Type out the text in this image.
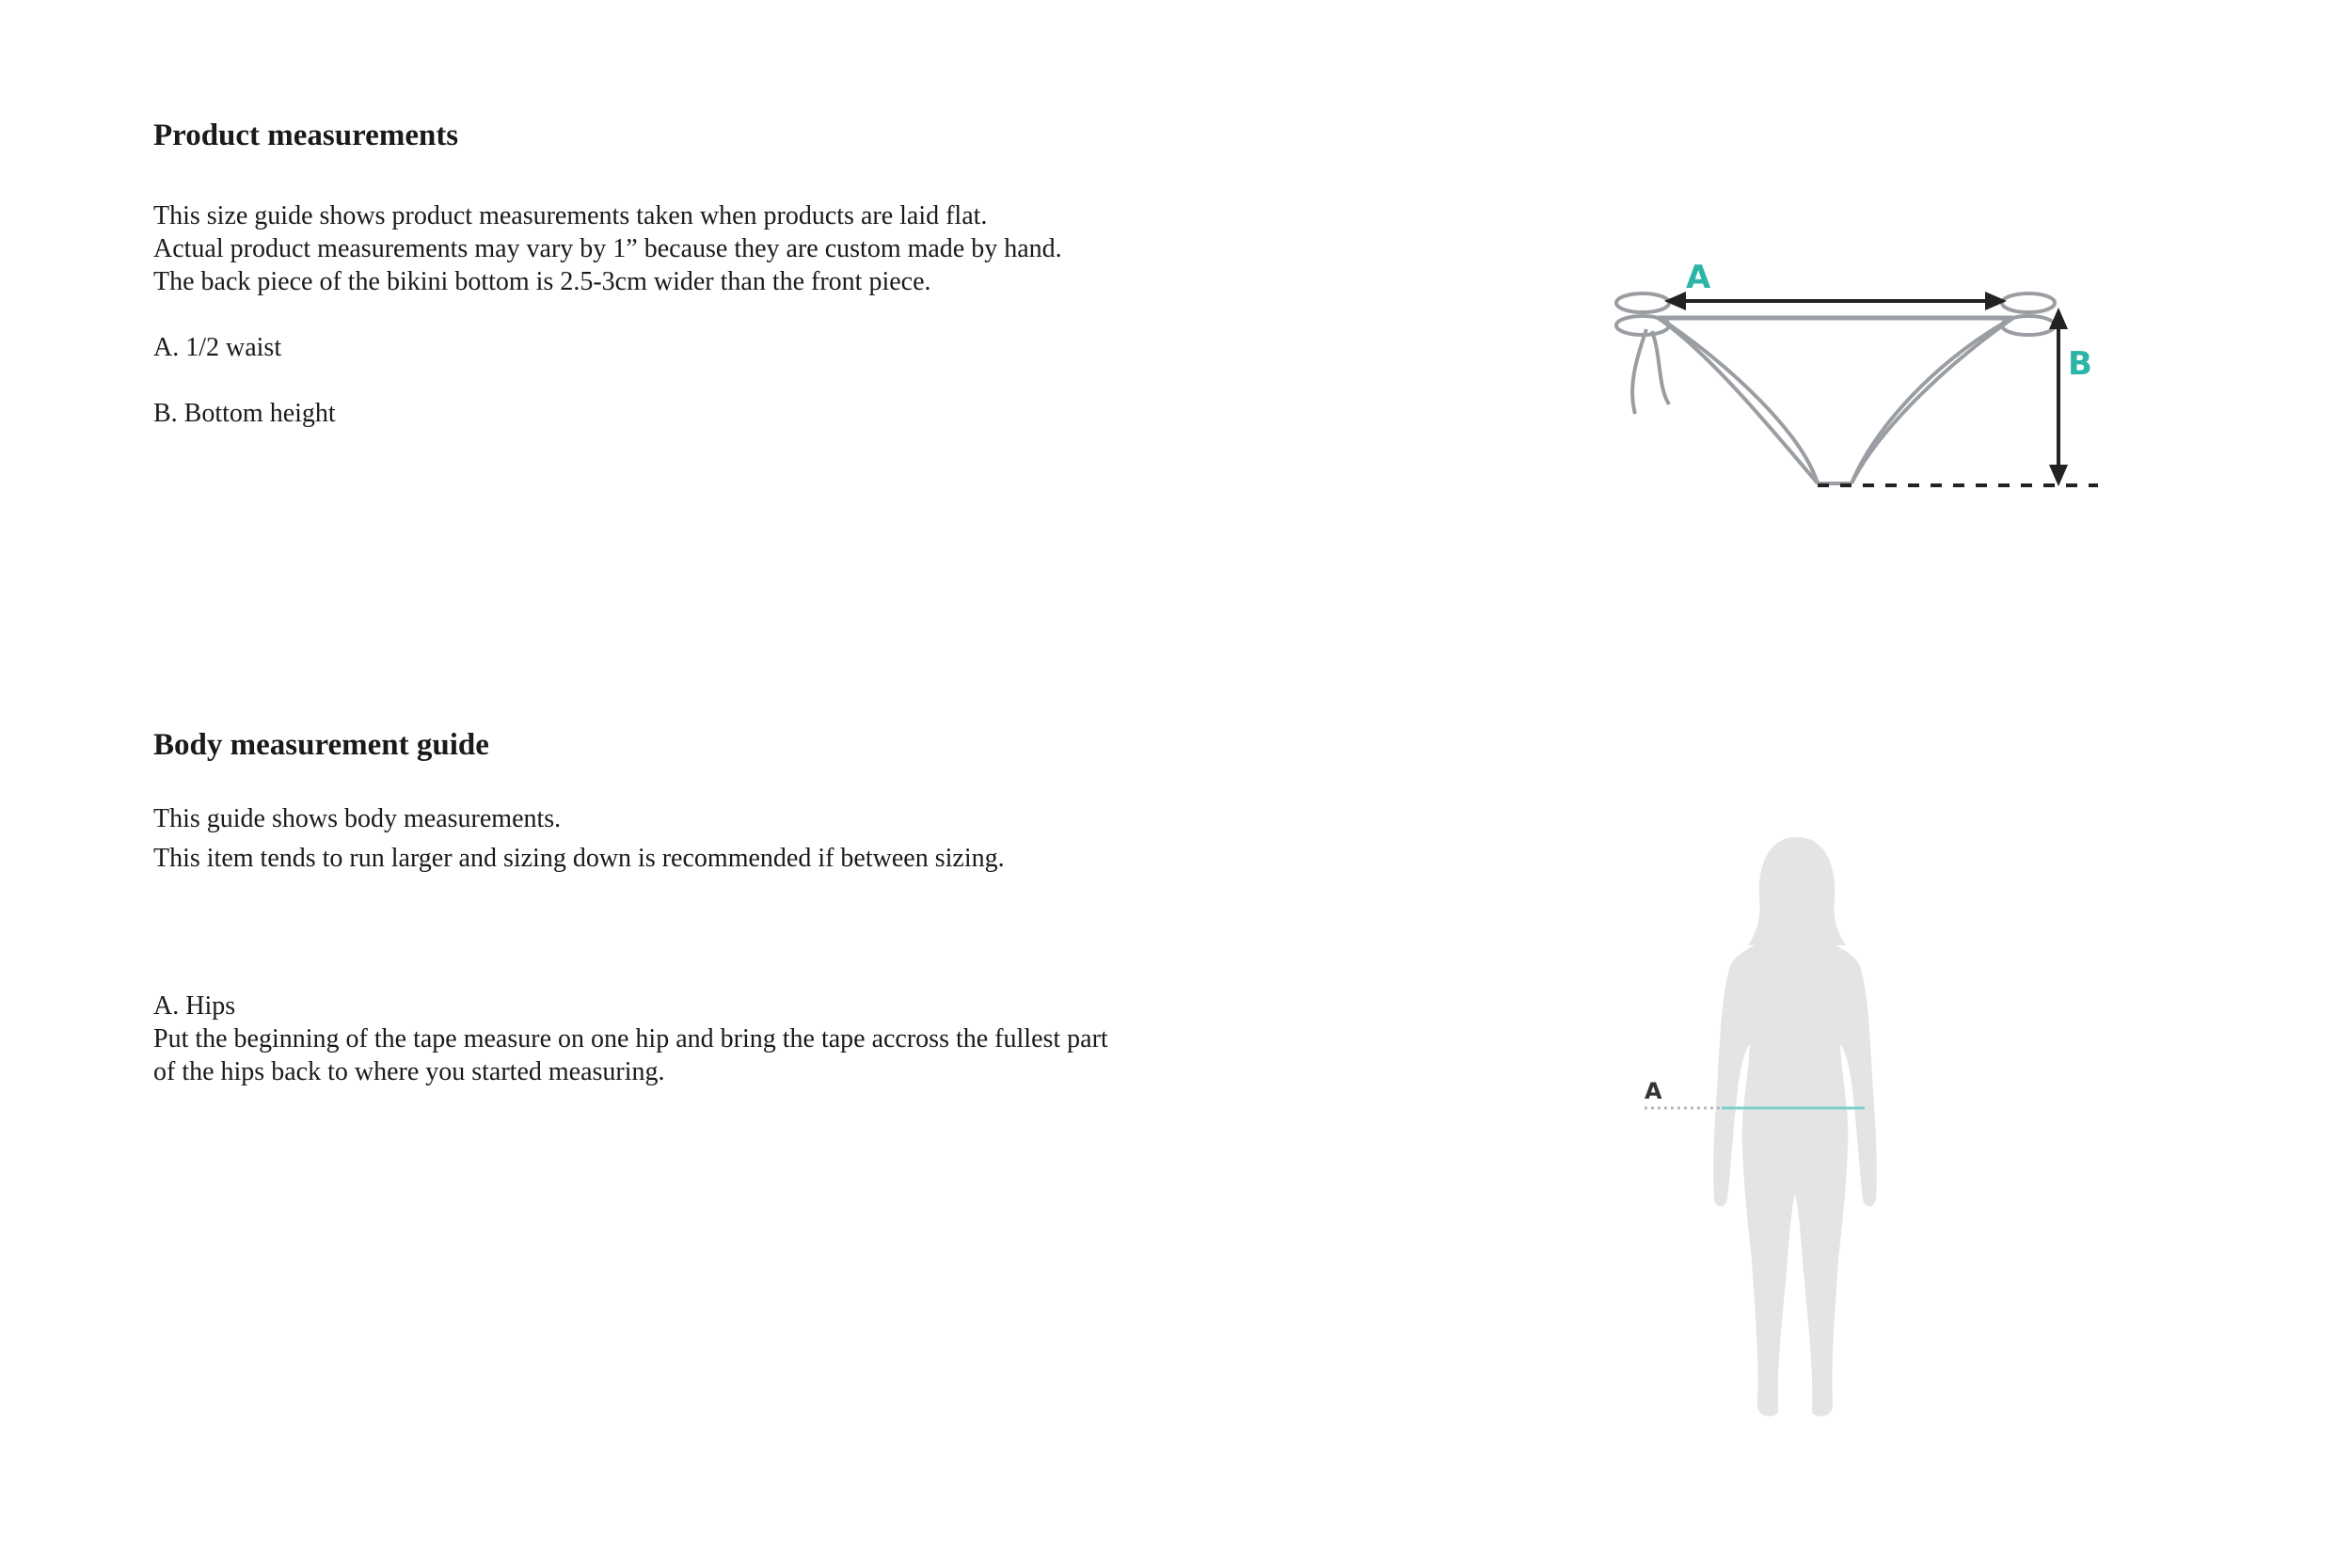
Product measurements

This size guide shows product measurements taken when products are laid flat.
Actual product measurements may vary by 1” because they are custom made by hand.
The back piece of the bikini bottom is 2.5-3cm wider than the front piece.

A. 1/2 waist

B. Bottom height

A
B
Body measurement guide

This guide shows body measurements.

This item tends to run larger and sizing down is recommended if between sizing.

A. Hips
Put the beginning of the tape measure on one hip and bring the tape accross the fullest part
of the hips back to where you started measuring.

A
